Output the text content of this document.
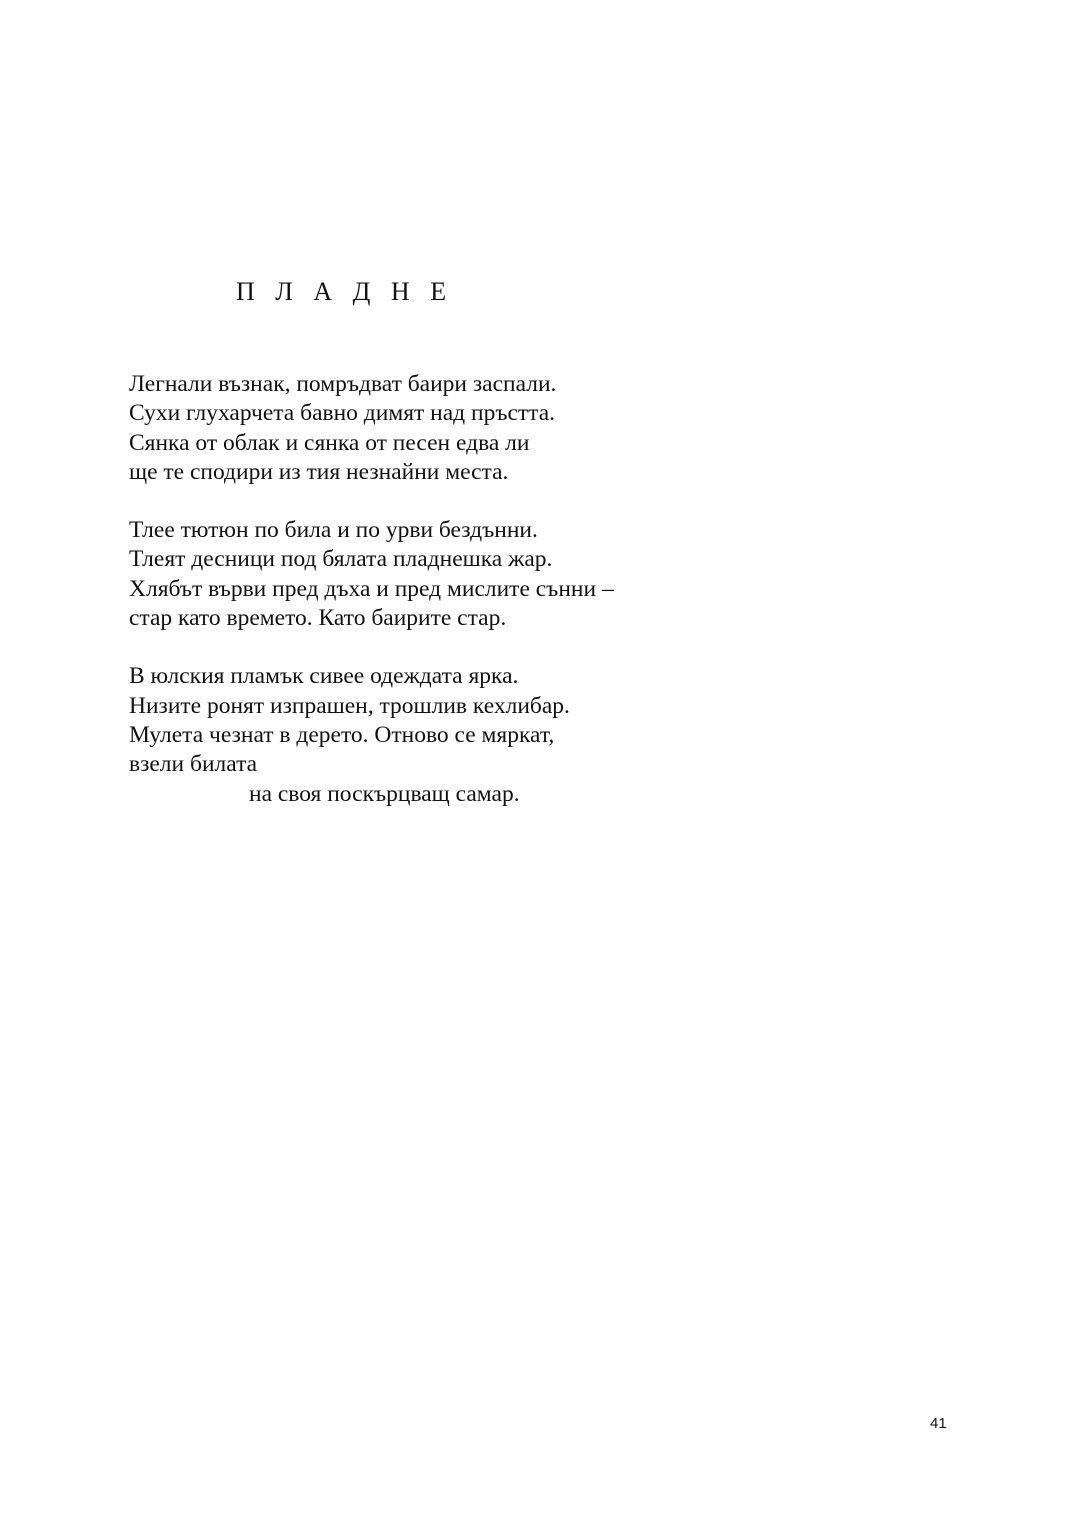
П Л А Д Н Е

Легнали възнак, помръдват баири заспали.
Сухи глухарчета бавно димят над пръстта.
Сянка от облак и сянка от песен едва ли
ще те сподири из тия незнайни места.

Тлее тютюн по била и по урви бездънни.
Тлеят десници под бялата пладнешка жар.
Хлябът върви пред дъха и пред мислите сънни –
стар като времето. Като баирите стар.

В юлския пламък сивее одеждата ярка.
Низите ронят изпрашен, трошлив кехлибар.
Мулета чезнат в дерето. Отново се мяркат,
взели билата
на своя поскърцващ самар.

41
